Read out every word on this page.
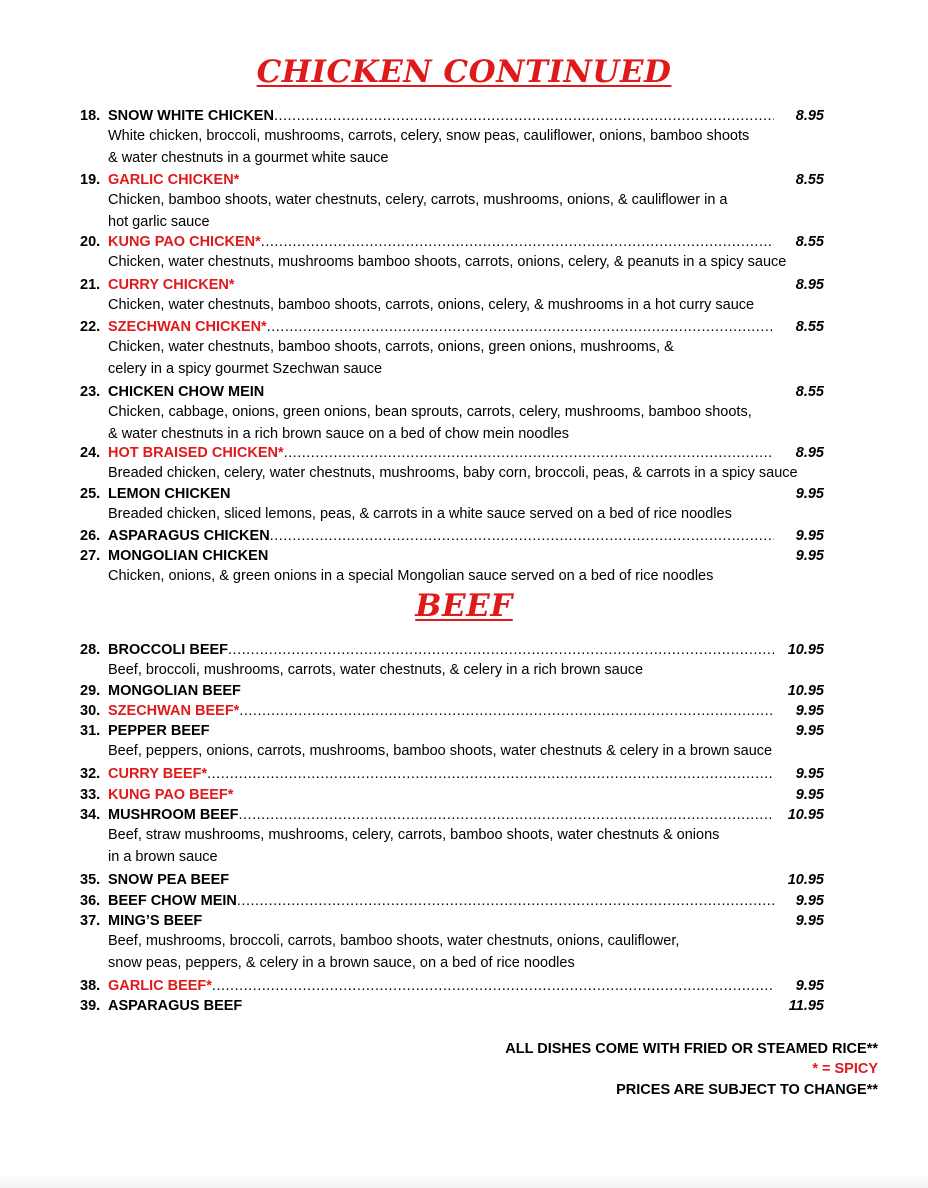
CHICKEN CONTINUED
BEEF
18. SNOW WHITE CHICKEN .....	8.95
White chicken, broccoli, mushrooms, carrots, celery, snow peas, cauliflower, onions, bamboo shoots
& water chestnuts in a gourmet white sauce
19. GARLIC CHICKEN*	8.55
Chicken, bamboo shoots, water chestnuts, celery, carrots, mushrooms, onions, & cauliflower in a
hot garlic sauce
20. KUNG PAO CHICKEN* .....	8.55
Chicken, water chestnuts, mushrooms bamboo shoots, carrots, onions, celery, & peanuts in a spicy sauce
21. CURRY CHICKEN*	8.95
Chicken, water chestnuts, bamboo shoots, carrots, onions, celery, & mushrooms in a hot curry sauce
22. SZECHWAN CHICKEN* .....	8.55
Chicken, water chestnuts, bamboo shoots, carrots, onions, green onions, mushrooms, &
celery in a spicy gourmet Szechwan sauce
23. CHICKEN CHOW MEIN	8.55
Chicken, cabbage, onions, green onions, bean sprouts, carrots, celery, mushrooms, bamboo shoots,
& water chestnuts in a rich brown sauce on a bed of chow mein noodles
24. HOT BRAISED CHICKEN* .....	8.95
Breaded chicken, celery, water chestnuts, mushrooms, baby corn, broccoli, peas, & carrots in a spicy sauce
25. LEMON CHICKEN	9.95
Breaded chicken, sliced lemons, peas, & carrots in a white sauce served on a bed of rice noodles
26. ASPARAGUS CHICKEN .....	9.95
27. MONGOLIAN CHICKEN	9.95
Chicken, onions, & green onions in a special Mongolian sauce served on a bed of rice noodles
28. BROCCOLI BEEF .....	10.95
Beef, broccoli, mushrooms, carrots, water chestnuts, & celery in a rich brown sauce
29. MONGOLIAN BEEF	10.95
30. SZECHWAN BEEF* .....	9.95
31. PEPPER BEEF	9.95
Beef, peppers, onions, carrots, mushrooms, bamboo shoots, water chestnuts & celery in a brown sauce
32. CURRY BEEF* .....	9.95
33. KUNG PAO BEEF*	9.95
34. MUSHROOM BEEF .....	10.95
Beef, straw mushrooms, mushrooms, celery, carrots, bamboo shoots, water chestnuts & onions
in a brown sauce
35. SNOW PEA BEEF	10.95
36. BEEF CHOW MEIN .....	9.95
37. MING’S BEEF	9.95
Beef, mushrooms, broccoli, carrots, bamboo shoots, water chestnuts, onions, cauliflower,
snow peas, peppers, & celery in a brown sauce, on a bed of rice noodles
38. GARLIC BEEF* .....	9.95
39. ASPARAGUS BEEF	11.95
ALL DISHES COME WITH FRIED OR STEAMED RICE**
* = SPICY
PRICES ARE SUBJECT TO CHANGE**
